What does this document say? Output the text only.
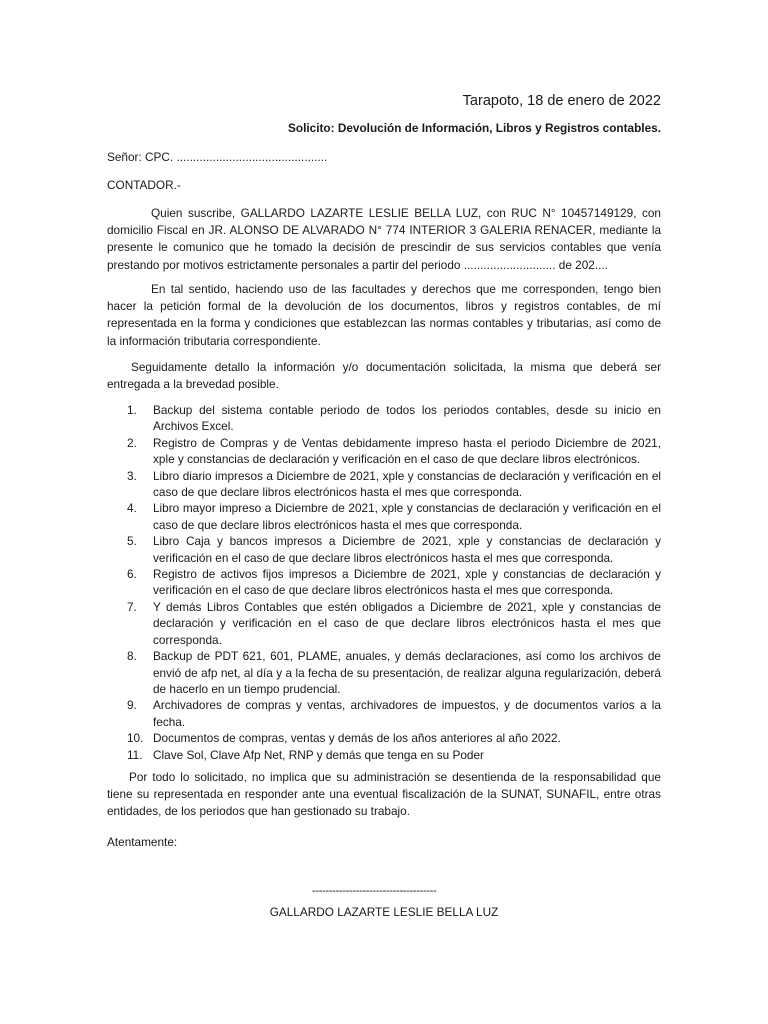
Tarapoto, 18 de enero de 2022
Solicito: Devolución de Información, Libros y Registros contables.
Señor: CPC. ..............................................
CONTADOR.-

Quien suscribe, GALLARDO LAZARTE LESLIE BELLA LUZ, con RUC N° 10457149129, con domicilio Fiscal en JR. ALONSO DE ALVARADO N° 774 INTERIOR 3 GALERIA RENACER, mediante la presente le comunico que he tomado la decisión de prescindir de sus servicios contables que venía prestando por motivos estrictamente personales a partir del periodo ............................ de 202....

En tal sentido, haciendo uso de las facultades y derechos que me corresponden, tengo bien hacer la petición formal de la devolución de los documentos, libros y registros contables, de mí representada en la forma y condiciones que establezcan las normas contables y tributarias, así como de la información tributaria correspondiente.

Seguidamente detallo la información y/o documentación solicitada, la misma que deberá ser entregada a la brevedad posible.

1.	Backup del sistema contable periodo de todos los periodos contables, desde su inicio en Archivos Excel.
2.	Registro de Compras y de Ventas debidamente impreso hasta el periodo Diciembre de 2021, xple y constancias de declaración y verificación en el caso de que declare libros electrónicos.
3.	Libro diario impresos a Diciembre de 2021, xple y constancias de declaración y verificación en el caso de que declare libros electrónicos hasta el mes que corresponda.
4.	Libro mayor impreso a Diciembre de 2021, xple y constancias de declaración y verificación en el caso de que declare libros electrónicos hasta el mes que corresponda.
5.	Libro Caja y bancos impresos a Diciembre de 2021, xple y constancias de declaración y verificación en el caso de que declare libros electrónicos hasta el mes que corresponda.
6.	Registro de activos fijos impresos a Diciembre de 2021, xple y constancias de declaración y verificación en el caso de que declare libros electrónicos hasta el mes que corresponda.
7.	Y demás Libros Contables que estén obligados a Diciembre de 2021, xple y constancias de declaración y verificación en el caso de que declare libros electrónicos hasta el mes que corresponda.
8.	Backup de PDT 621, 601, PLAME, anuales, y demás declaraciones, así como los archivos de envió de afp net, al día y a la fecha de su presentación, de realizar alguna regularización, deberá de hacerlo en un tiempo prudencial.
9.	Archivadores de compras y ventas, archivadores de impuestos, y de documentos varios a la fecha.
10. Documentos de compras, ventas y demás de los años anteriores al año 2022.
11. Clave Sol, Clave Afp Net, RNP y demás que tenga en su Poder

Por todo lo solicitado, no implica que su administración se desentienda de la responsabilidad que tiene su representada en responder ante una eventual fiscalización de la SUNAT, SUNAFIL, entre otras entidades, de los periodos que han gestionado su trabajo.

Atentamente:
-------------------------------------
GALLARDO LAZARTE LESLIE BELLA LUZ
